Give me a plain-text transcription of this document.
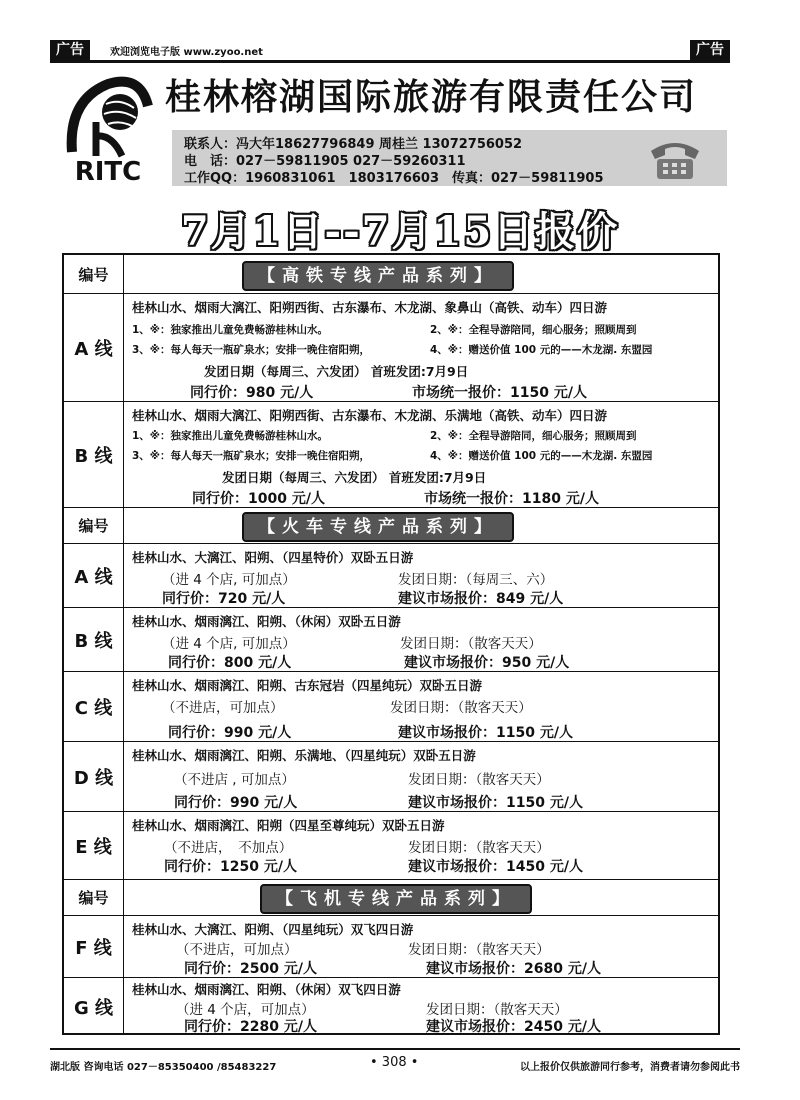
广告	欢迎浏览电子版 www.zyoo.net	广告
RITC
桂林榕湖国际旅游有限责任公司
联系人：冯大年18627796849 周桂兰 13072756052
电　话：027－59811905 027－59260311
工作QQ：1960831061　1803176603　传真：027－59811905
7月1日--7月15日报价
编号	【高铁专线产品系列】
A 线
桂林山水、烟雨大漓江、阳朔西街、古东瀑布、木龙湖、象鼻山（高铁、动车）四日游
1、※：独家推出儿童免费畅游桂林山水。	2、※：全程导游陪同，细心服务；照顾周到
3、※：每人每天一瓶矿泉水；安排一晚住宿阳朔，	4、※：赠送价值 100 元的——木龙湖. 东盟园
发团日期（每周三、六发团） 首班发团:7月9日
同行价：980 元/人	市场统一报价：1150 元/人
B 线
桂林山水、烟雨大漓江、阳朔西街、古东瀑布、木龙湖、乐满地（高铁、动车）四日游
1、※：独家推出儿童免费畅游桂林山水。	2、※：全程导游陪同，细心服务；照顾周到
3、※：每人每天一瓶矿泉水；安排一晚住宿阳朔，	4、※：赠送价值 100 元的——木龙湖. 东盟园
发团日期（每周三、六发团） 首班发团:7月9日
同行价：1000 元/人	市场统一报价：1180 元/人
编号	【火车专线产品系列】
A 线
桂林山水、大漓江、阳朔、（四星特价）双卧五日游
（进 4 个店, 可加点）	发团日期：（每周三、六）
同行价：720 元/人	建议市场报价：849 元/人
B 线
桂林山水、烟雨漓江、阳朔、（休闲）双卧五日游
（进 4 个店, 可加点）	发团日期：（散客天天）
同行价：800 元/人	建议市场报价：950 元/人
C 线
桂林山水、烟雨漓江、阳朔、古东冠岩（四星纯玩）双卧五日游
（不进店，可加点）	发团日期：（散客天天）
同行价：990 元/人	建议市场报价：1150 元/人
D 线
桂林山水、烟雨漓江、阳朔、乐满地、（四星纯玩）双卧五日游
（不进店 , 可加点）	发团日期：（散客天天）
同行价：990 元/人	建议市场报价：1150 元/人
E 线
桂林山水、烟雨漓江、阳朔（四星至尊纯玩）双卧五日游
（不进店，　不加点）	发团日期：（散客天天）
同行价：1250 元/人	建议市场报价：1450 元/人
编号	【飞机专线产品系列】
F 线
桂林山水、大漓江、阳朔、（四星纯玩）双飞四日游
（不进店，可加点）	发团日期：（散客天天）
同行价：2500 元/人	建议市场报价：2680 元/人
G 线
桂林山水、烟雨漓江、阳朔、（休闲）双飞四日游
（进 4 个店，可加点）	发团日期：（散客天天）
同行价：2280 元/人	建议市场报价：2450 元/人
湖北版 咨询电话 027－85350400 /85483227	• 308 •	以上报价仅供旅游同行参考，消费者请勿参阅此书
